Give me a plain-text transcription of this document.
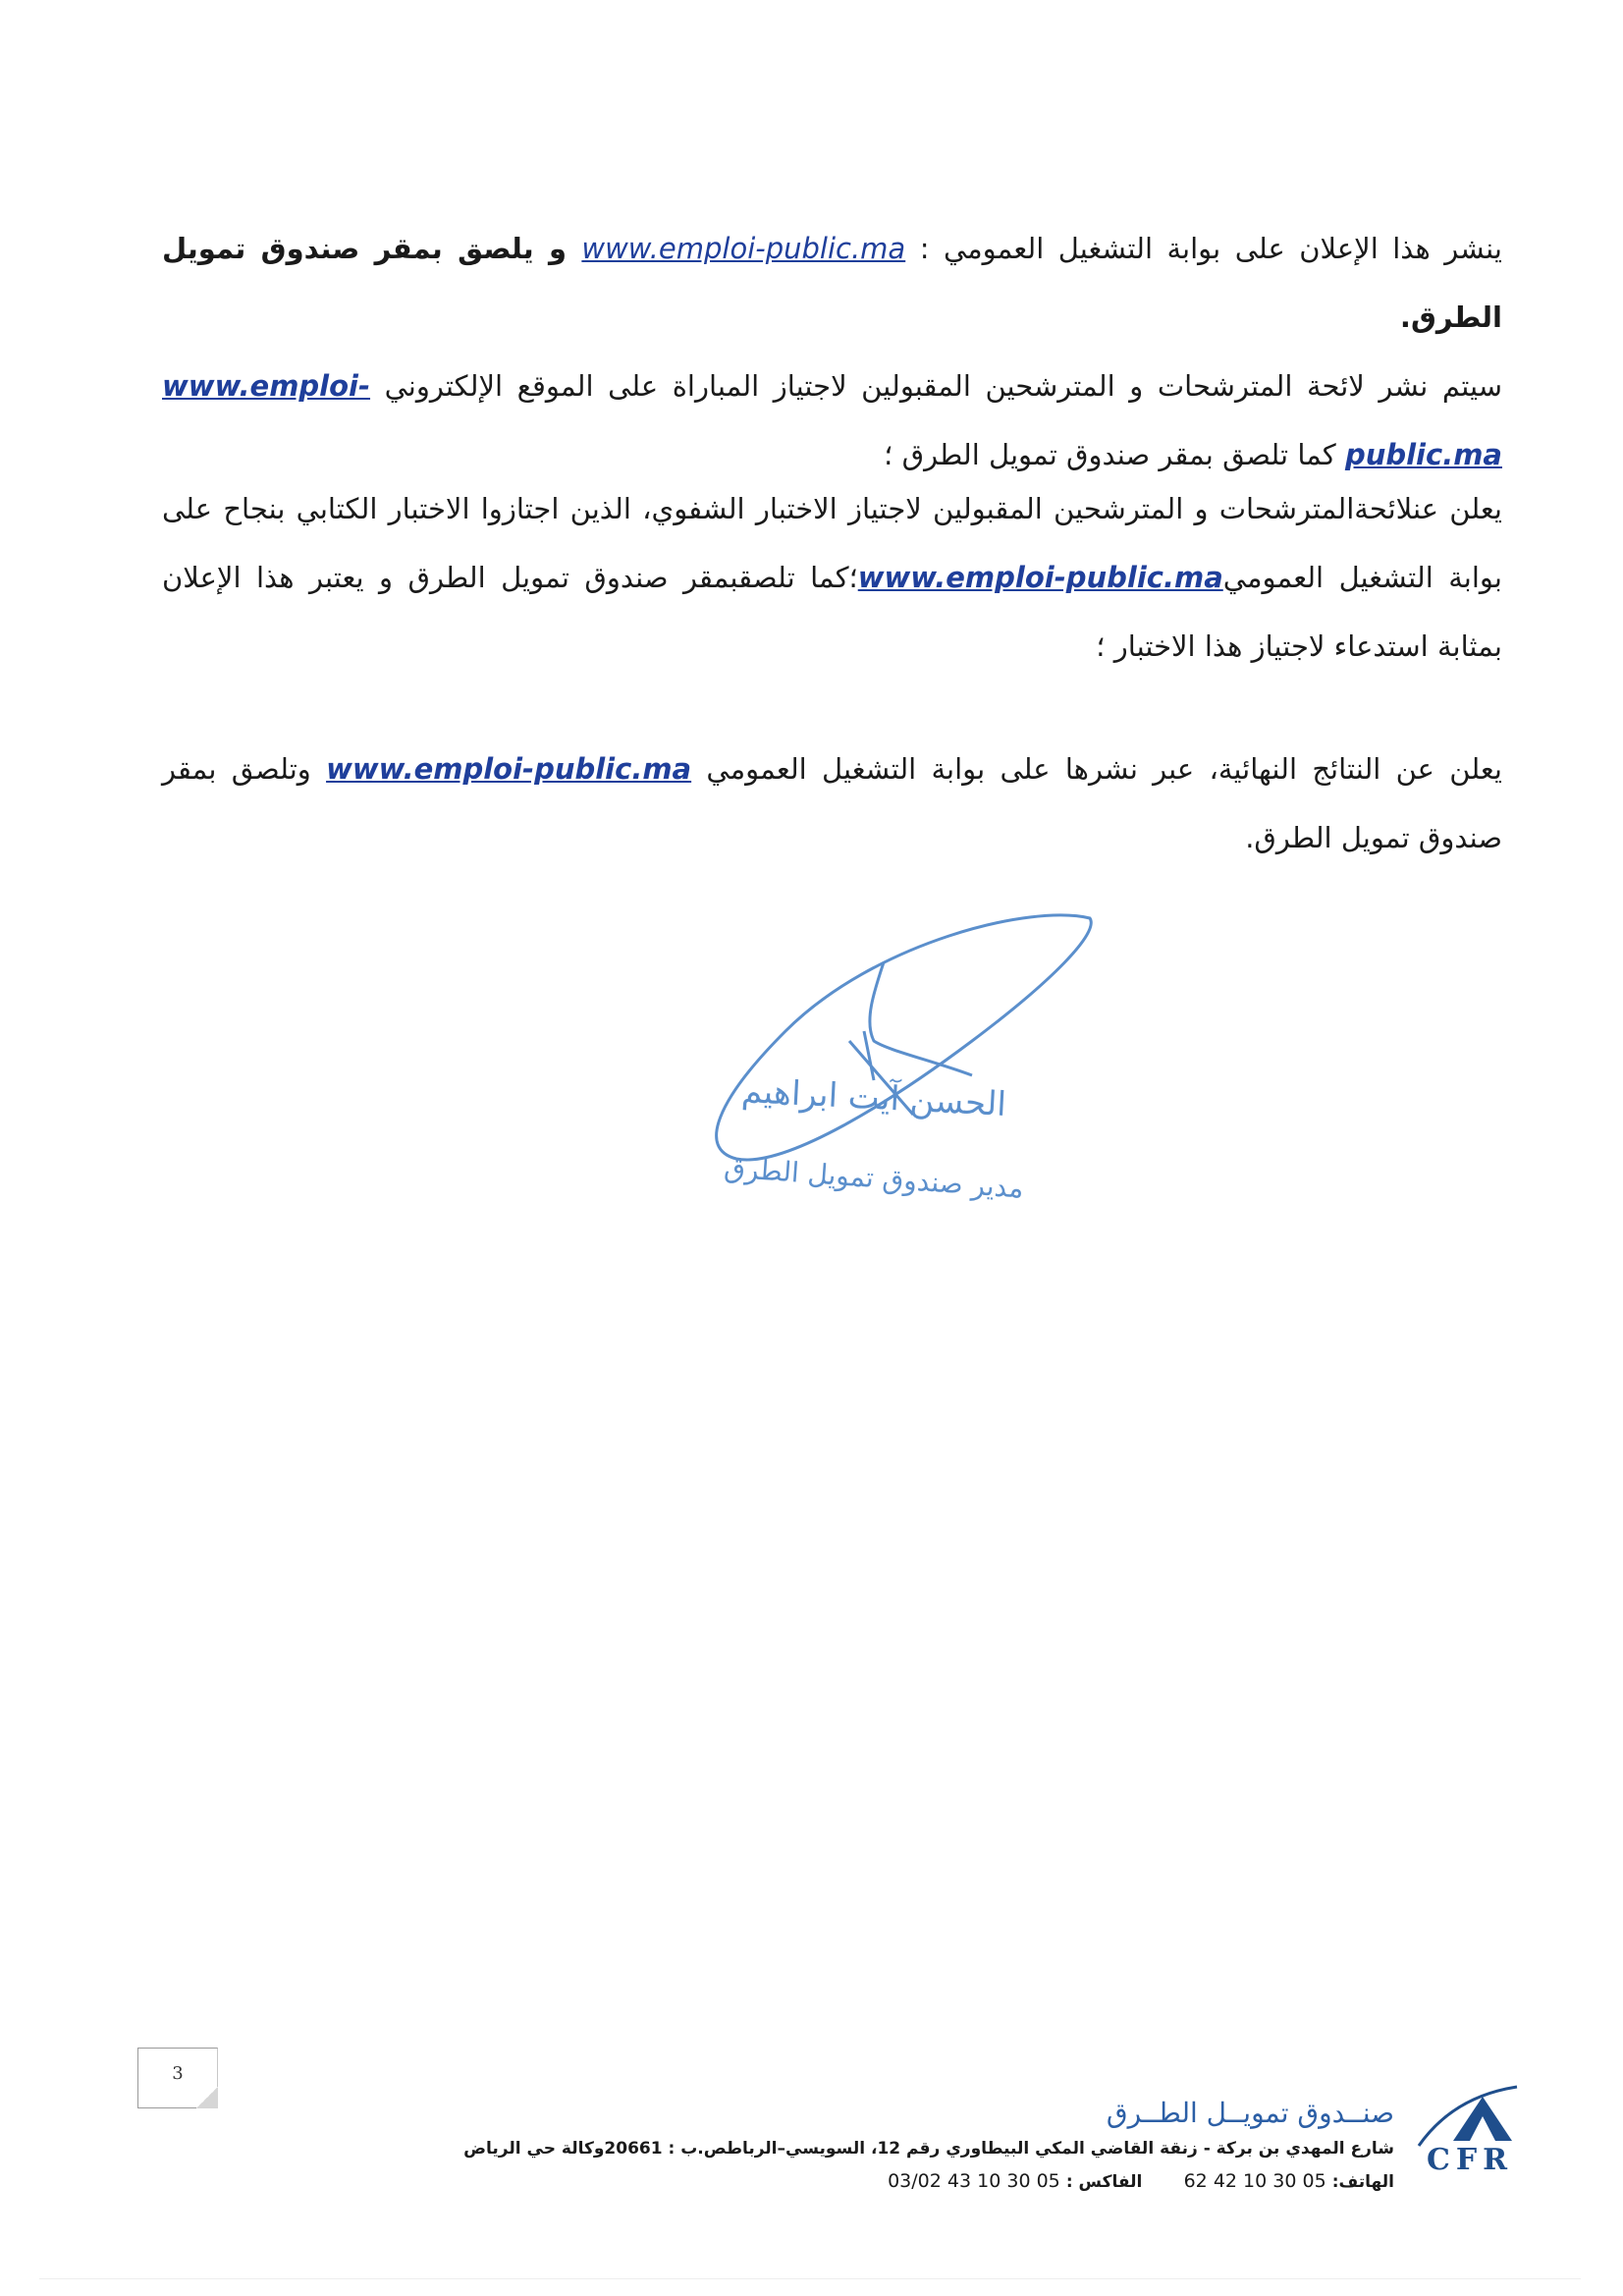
ينشر هذا الإعلان على بوابة التشغيل العمومي : www.emploi-public.ma و يلصق بمقر صندوق تمويل الطرق.
سيتم نشر لائحة المترشحات و المترشحين المقبولين لاجتياز المباراة على الموقع الإلكتروني www.emploi-public.ma كما تلصق بمقر صندوق تمويل الطرق ؛
يعلن عنلائحةالمترشحات و المترشحين المقبولين لاجتياز الاختبار الشفوي، الذين اجتازوا الاختبار الكتابي بنجاح على بوابة التشغيل العموميwww.emploi-public.ma؛كما تلصقبمقر صندوق تمويل الطرق و يعتبر هذا الإعلان بمثابة استدعاء لاجتياز هذا الاختبار ؛
يعلن عن النتائج النهائية، عبر نشرها على بوابة التشغيل العمومي www.emploi-public.ma وتلصق بمقر صندوق تمويل الطرق.
الحسن آيت ابراهيم
مدير صندوق تمويل الطرق
3
صنــدوق تمويــل الطــرق
شارع المهدي بن بركة - زنقة القاضي المكي البيطاوري رقم 12، السويسي–الرباطص.ب : 20661وكالة حي الرياض
الهاتف: 05 30 10 42 62       الفاكس : 05 30 10 43 03/02
CFR
